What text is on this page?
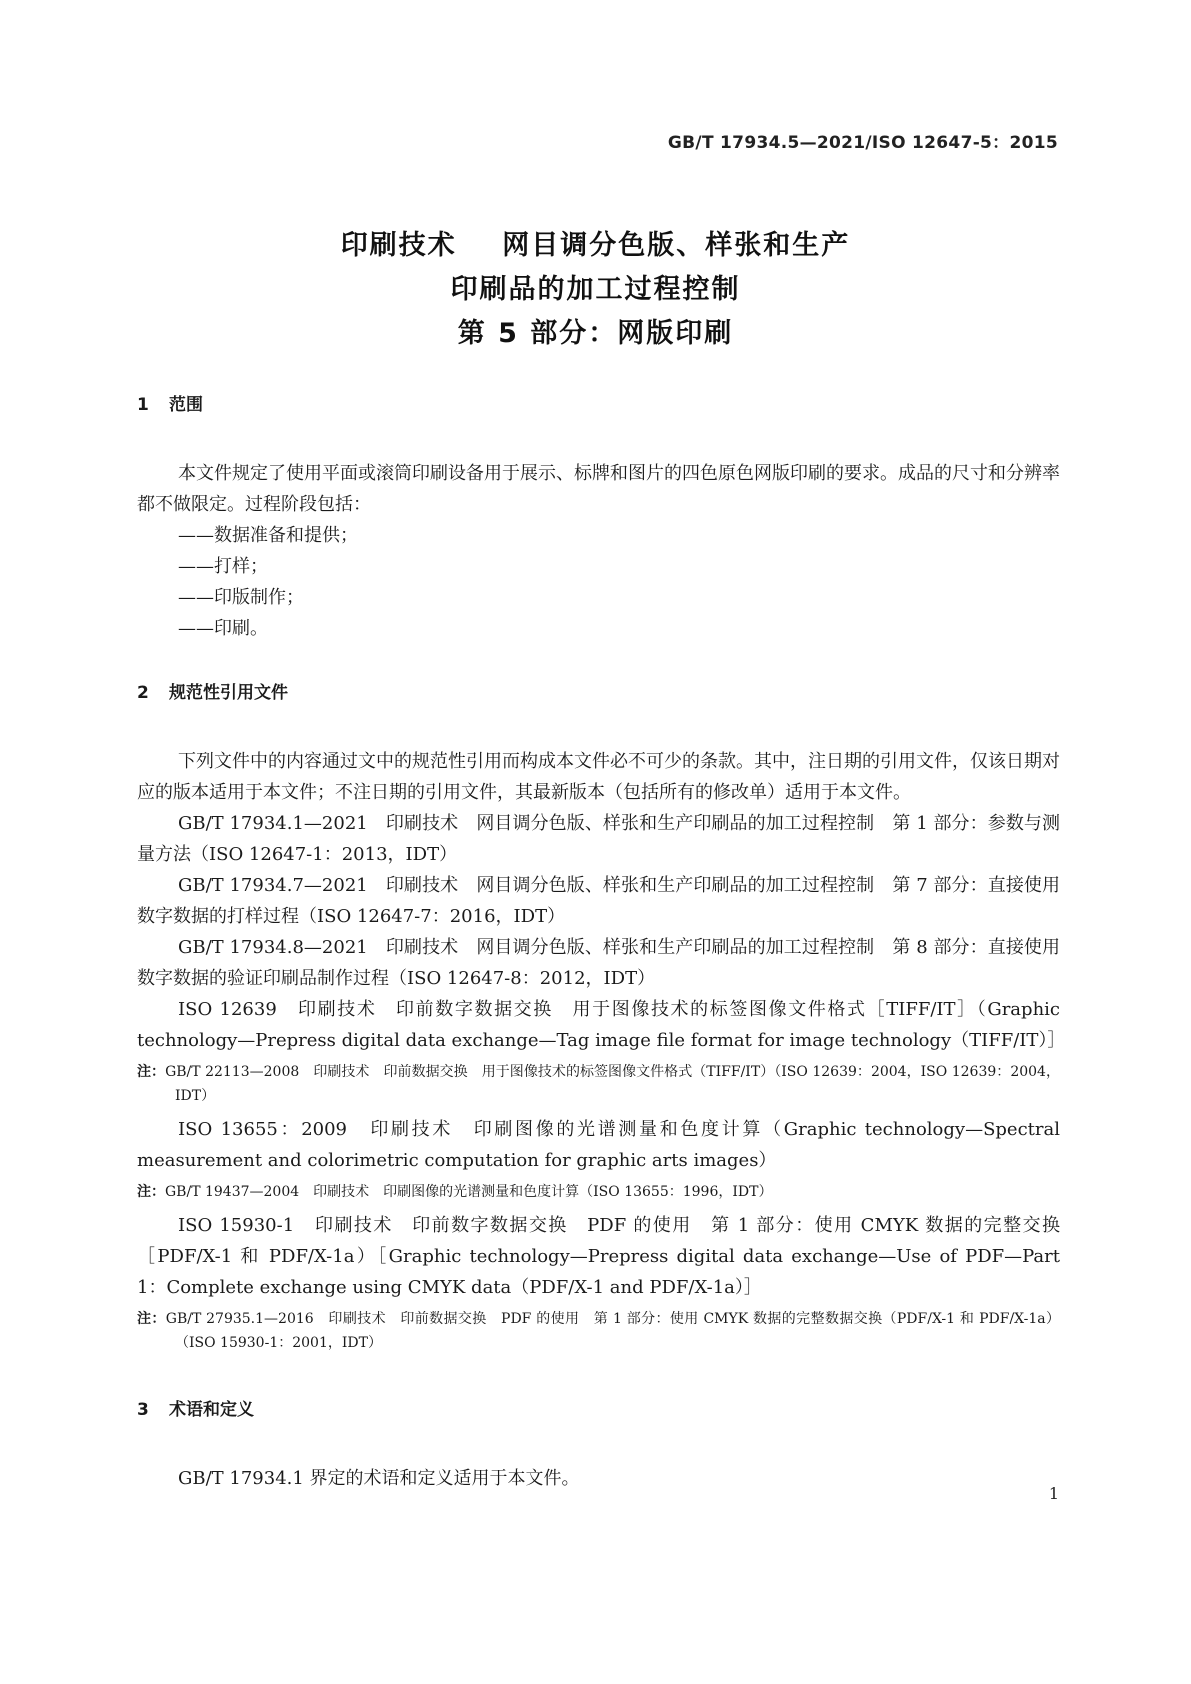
GB/T 17934.5—2021/ISO 12647-5：2015
印刷技术    网目调分色版、样张和生产
印刷品的加工过程控制
第 5 部分：网版印刷
1 范围

本文件规定了使用平面或滚筒印刷设备用于展示、标牌和图片的四色原色网版印刷的要求。成品的尺寸和分辨率都不做限定。过程阶段包括：

——数据准备和提供；

——打样；

——印版制作；

——印刷。

2 规范性引用文件

下列文件中的内容通过文中的规范性引用而构成本文件必不可少的条款。其中，注日期的引用文件，仅该日期对应的版本适用于本文件；不注日期的引用文件，其最新版本（包括所有的修改单）适用于本文件。

GB/T 17934.1—2021　印刷技术　网目调分色版、样张和生产印刷品的加工过程控制　第 1 部分：参数与测量方法（ISO 12647-1：2013，IDT）

GB/T 17934.7—2021　印刷技术　网目调分色版、样张和生产印刷品的加工过程控制　第 7 部分：直接使用数字数据的打样过程（ISO 12647-7：2016，IDT）

GB/T 17934.8—2021　印刷技术　网目调分色版、样张和生产印刷品的加工过程控制　第 8 部分：直接使用数字数据的验证印刷品制作过程（ISO 12647-8：2012，IDT）

ISO 12639　印刷技术　印前数字数据交换　用于图像技术的标签图像文件格式［TIFF/IT］（Graphic technology—Prepress digital data exchange—Tag image file format for image technology（TIFF/IT）］

注：GB/T 22113—2008　印刷技术　印前数据交换　用于图像技术的标签图像文件格式（TIFF/IT）（ISO 12639：2004，ISO 12639：2004，IDT）

ISO 13655：2009　印刷技术　印刷图像的光谱测量和色度计算（Graphic technology—Spectral measurement and colorimetric computation for graphic arts images）

注：GB/T 19437—2004　印刷技术　印刷图像的光谱测量和色度计算（ISO 13655：1996，IDT）

ISO 15930-1　印刷技术　印前数字数据交换　PDF 的使用　第 1 部分：使用 CMYK 数据的完整交换［PDF/X-1 和 PDF/X-1a）［Graphic technology—Prepress digital data exchange—Use of PDF—Part 1：Complete exchange using CMYK data（PDF/X-1 and PDF/X-1a）］

注：GB/T 27935.1—2016　印刷技术　印前数据交换　PDF 的使用　第 1 部分：使用 CMYK 数据的完整数据交换（PDF/X-1 和 PDF/X-1a）（ISO 15930-1：2001，IDT）

3 术语和定义

GB/T 17934.1 界定的术语和定义适用于本文件。

1
